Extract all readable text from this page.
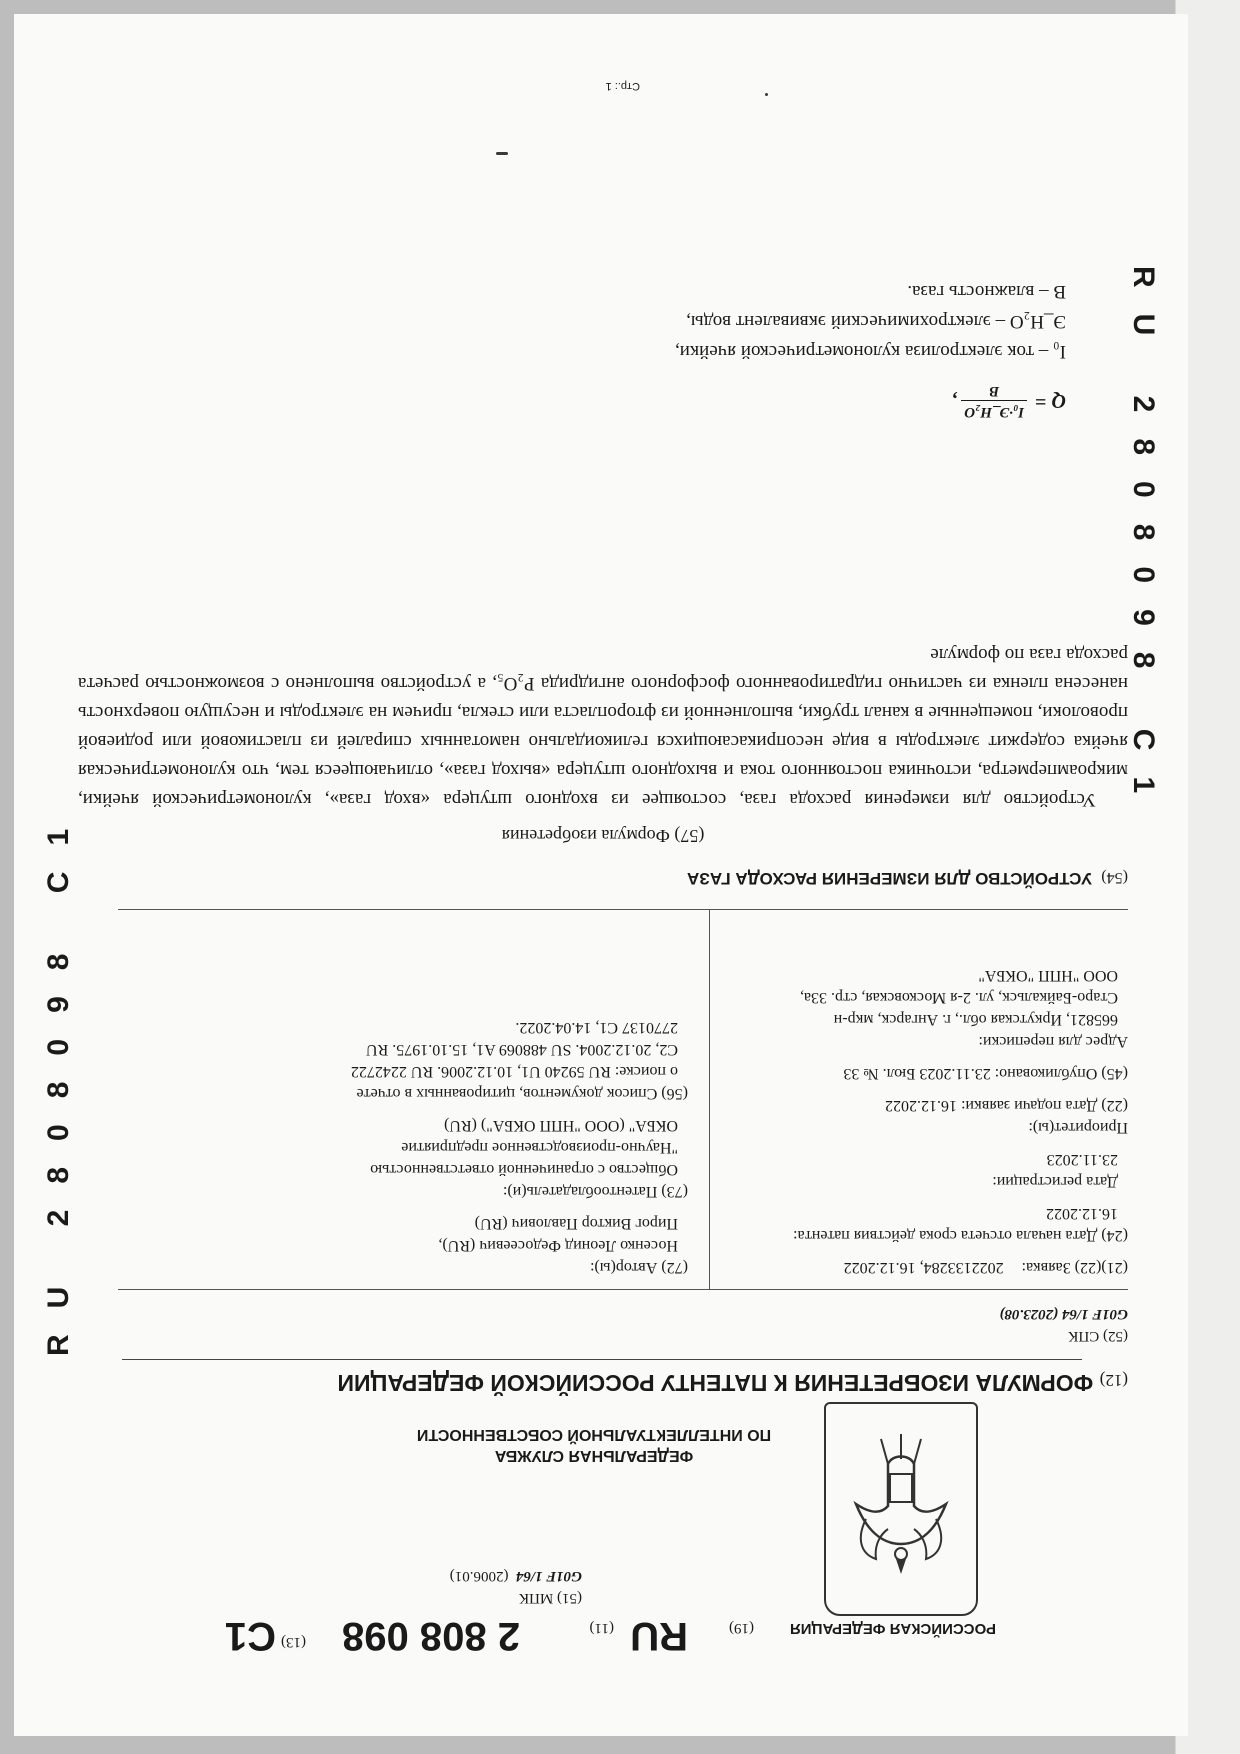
РОССИЙСКАЯ ФЕДЕРАЦИЯ
(19)
RU
(11)
2 808 098
(13)
C1
(51) МПК
G01F 1/64  (2006.01)
ФЕДЕРАЛЬНАЯ СЛУЖБА
ПО ИНТЕЛЛЕКТУАЛЬНОЙ СОБСТВЕННОСТИ
(12) ФОРМУЛА ИЗОБРЕТЕНИЯ К ПАТЕНТУ РОССИЙСКОЙ ФЕДЕРАЦИИ
(52) СПК
G01F 1/64 (2023.08)

(21)(22) Заявка:2022133284, 16.12.2022

(24) Дата начала отсчета срока действия патента:

16.12.2022

Дата регистрации:

23.11.2023

Приоритет(ы):

(22) Дата подачи заявки: 16.12.2022

(45) Опубликовано: 23.11.2023 Бюл. № 33

Адрес для переписки:

665821, Иркутская обл., г. Ангарск, мкр-н

Старо-Байкальск, ул. 2-я Московская, стр. 33а,

ООО "НПП "ОКБА"

(72) Автор(ы):

Носенко Леонид Федосеевич (RU),

Пирог Виктор Павлович (RU)

(73) Патентообладатель(и):

Общество с ограниченной ответственностью

"Научно-производственное предприятие

ОКБА" (ООО "НПП ОКБА") (RU)

(56) Список документов, цитированных в отчете

о поиске: RU 59240 U1, 10.12.2006. RU 2242722

C2, 20.12.2004. SU 488069 A1, 15.10.1975. RU

2770137 C1, 14.04.2022.

(54)  УСТРОЙСТВО ДЛЯ ИЗМЕРЕНИЯ РАСХОДА ГАЗА
(57) Формула изобретения
Устройство для измерения расхода газа, состоящее из входного штуцера «вход газа», кулонометрической ячейки, микроамперметра, источника постоянного тока и выходного штуцера «выход газа», отличающееся тем, что кулонометрическая ячейка содержит электроды в виде несоприкасающихся геликоидально намотанных спиралей из пластиковой или родиевой проволоки, помещенные в канал трубки, выполненной из фторопласта или стекла, причем на электроды и несущую поверхность нанесена пленка из частично гидратированного фосфорного ангидрида P₂O₅, а устройство выполнено с возможностью расчета расхода газа по формуле
Q =
I₀·Э_H₂O
B
,

I₀ – ток электролиза кулонометрической ячейки,

Э_H₂O – электрохимический эквивалент воды,

В – влажность газа.

Стр.: 1
RU 2808098 C1
RU 2808098 C1
